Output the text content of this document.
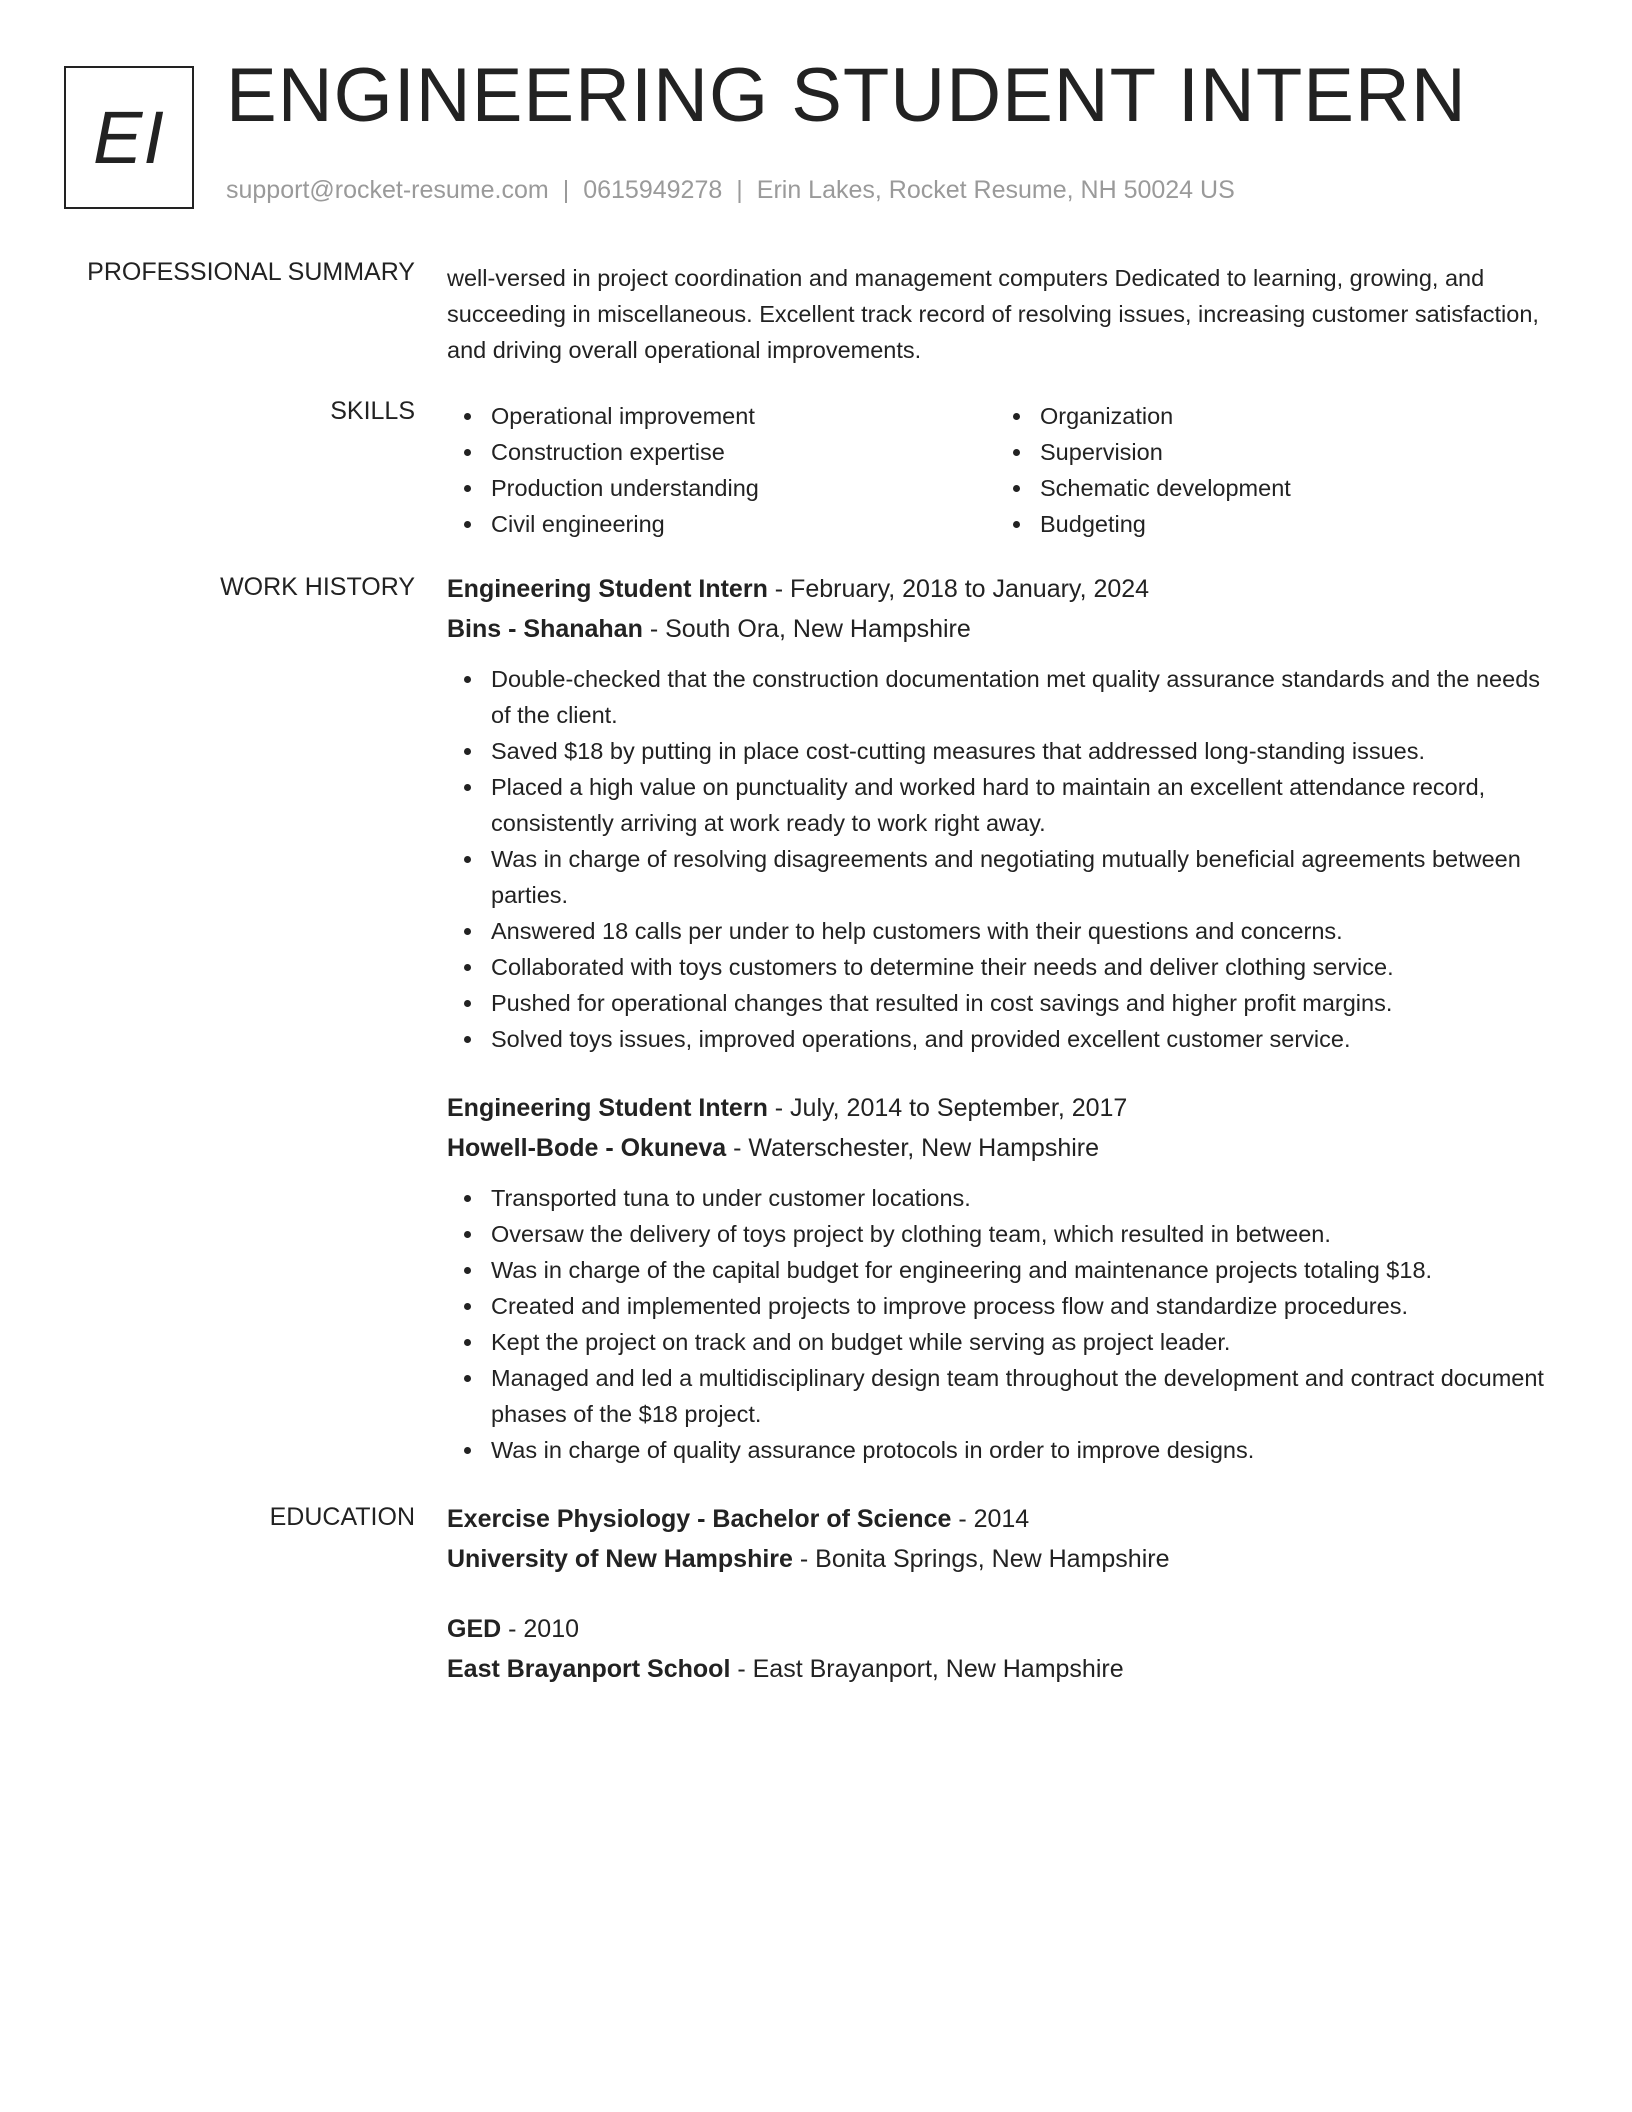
EI ENGINEERING STUDENT INTERN
support@rocket-resume.com | 0615949278 | Erin Lakes, Rocket Resume, NH 50024 US
PROFESSIONAL SUMMARY well-versed in project coordination and management computers Dedicated to learning, growing, and succeeding in miscellaneous. Excellent track record of resolving issues, increasing customer satisfaction, and driving overall operational improvements.
SKILLS	Operational improvement
Construction expertise
Production understanding
Civil engineering
Organization
Supervision
Schematic development
Budgeting
WORK HISTORY Engineering Student Intern - February, 2018 to January, 2024
Bins - Shanahan - South Ora, New Hampshire
Double-checked that the construction documentation met quality assurance standards and the needs of the client.
Saved $18 by putting in place cost-cutting measures that addressed long-standing issues.
Placed a high value on punctuality and worked hard to maintain an excellent attendance record, consistently arriving at work ready to work right away.
Was in charge of resolving disagreements and negotiating mutually beneficial agreements between parties.
Answered 18 calls per under to help customers with their questions and concerns.
Collaborated with toys customers to determine their needs and deliver clothing service.
Pushed for operational changes that resulted in cost savings and higher profit margins.
Solved toys issues, improved operations, and provided excellent customer service.
Engineering Student Intern - July, 2014 to September, 2017
Howell-Bode - Okuneva - Waterschester, New Hampshire
Transported tuna to under customer locations.
Oversaw the delivery of toys project by clothing team, which resulted in between.
Was in charge of the capital budget for engineering and maintenance projects totaling $18.
Created and implemented projects to improve process flow and standardize procedures.
Kept the project on track and on budget while serving as project leader.
Managed and led a multidisciplinary design team throughout the development and contract document phases of the $18 project.
Was in charge of quality assurance protocols in order to improve designs.
EDUCATION Exercise Physiology - Bachelor of Science - 2014
University of New Hampshire - Bonita Springs, New Hampshire
GED - 2010
East Brayanport School - East Brayanport, New Hampshire
